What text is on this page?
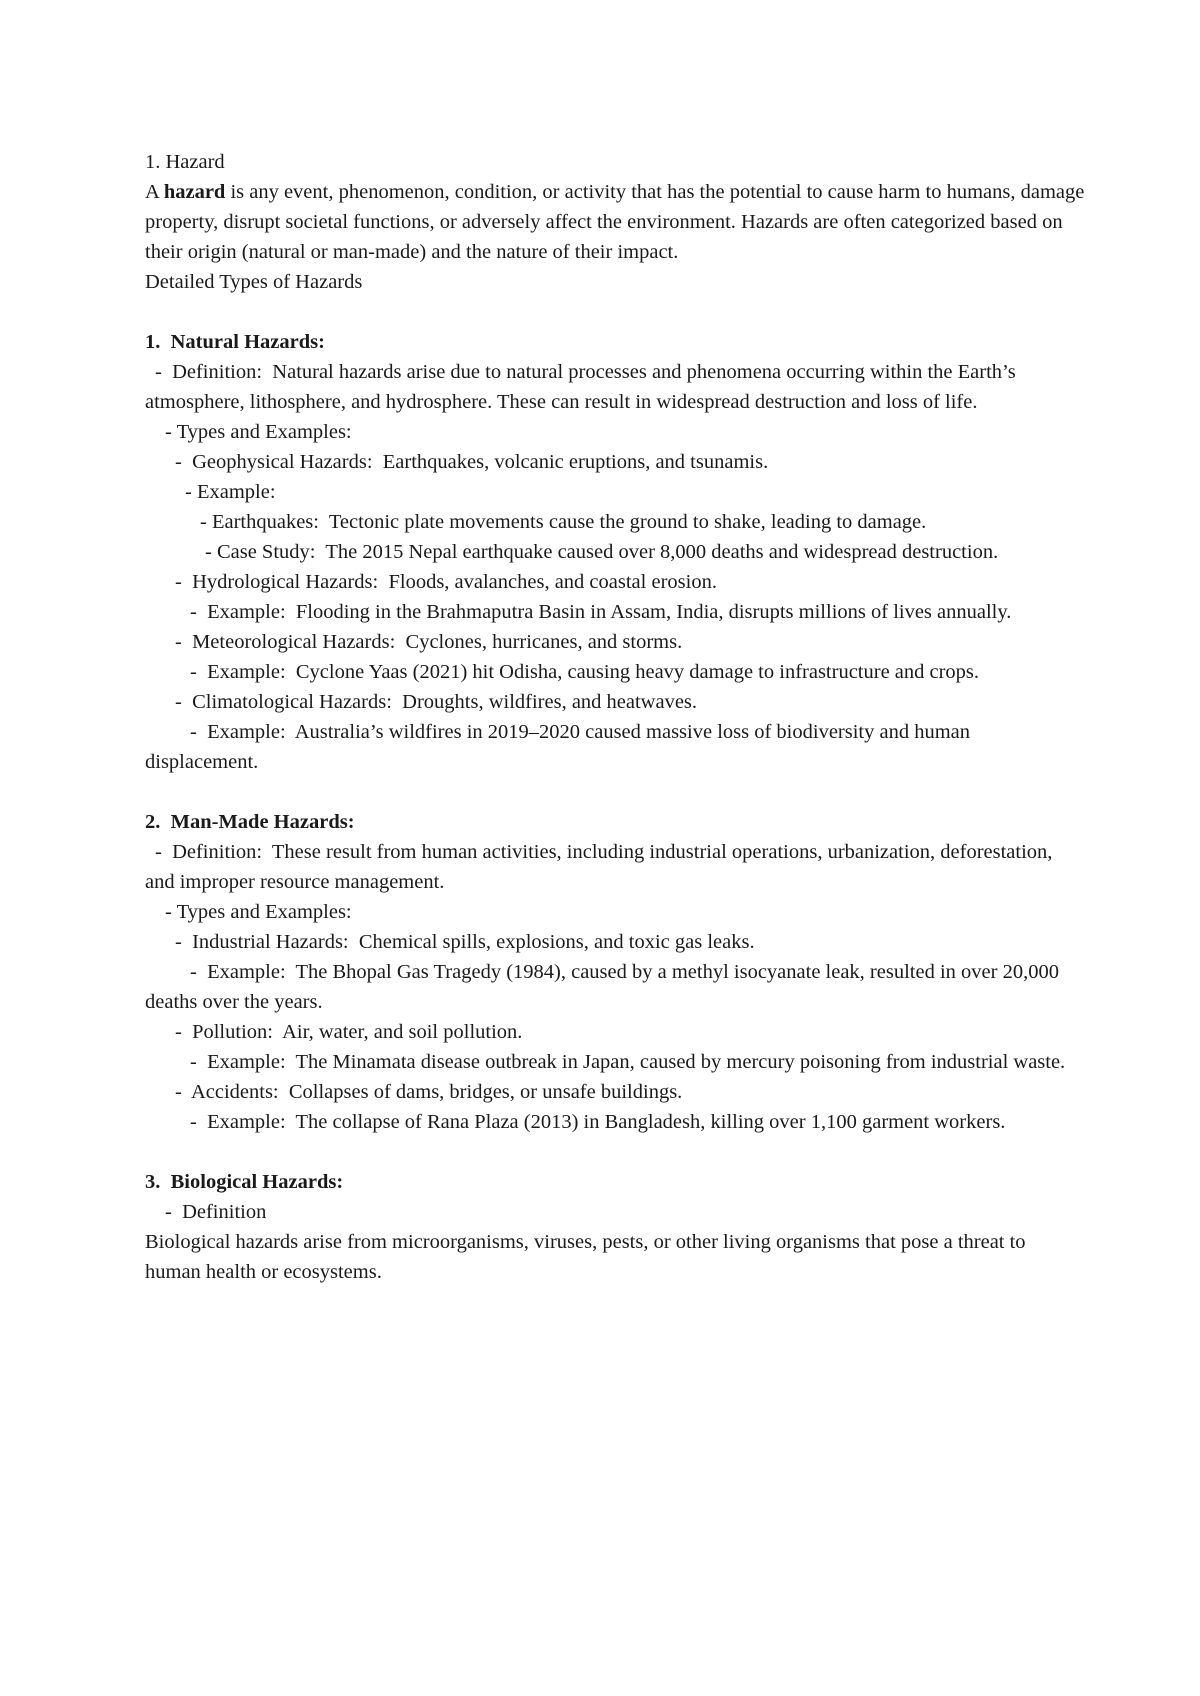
1. Hazard

A hazard is any event, phenomenon, condition, or activity that has the potential to cause harm to humans, damage property, disrupt societal functions, or adversely affect the environment. Hazards are often categorized based on their origin (natural or man-made) and the nature of their impact.

Detailed Types of Hazards

1.  Natural Hazards:

-  Definition:  Natural hazards arise due to natural processes and phenomena occurring within the Earth’s atmosphere, lithosphere, and hydrosphere. These can result in widespread destruction and loss of life.

- Types and Examples:

-  Geophysical Hazards:  Earthquakes, volcanic eruptions, and tsunamis.

- Example:

- Earthquakes:  Tectonic plate movements cause the ground to shake, leading to damage.

- Case Study:  The 2015 Nepal earthquake caused over 8,000 deaths and widespread destruction.

-  Hydrological Hazards:  Floods, avalanches, and coastal erosion.

-  Example:  Flooding in the Brahmaputra Basin in Assam, India, disrupts millions of lives annually.

-  Meteorological Hazards:  Cyclones, hurricanes, and storms.

-  Example:  Cyclone Yaas (2021) hit Odisha, causing heavy damage to infrastructure and crops.

-  Climatological Hazards:  Droughts, wildfires, and heatwaves.

-  Example:  Australia’s wildfires in 2019–2020 caused massive loss of biodiversity and human displacement.

2.  Man-Made Hazards:

-  Definition:  These result from human activities, including industrial operations, urbanization, deforestation, and improper resource management.

- Types and Examples:

-  Industrial Hazards:  Chemical spills, explosions, and toxic gas leaks.

-  Example:  The Bhopal Gas Tragedy (1984), caused by a methyl isocyanate leak, resulted in over 20,000 deaths over the years.

-  Pollution:  Air, water, and soil pollution.

-  Example:  The Minamata disease outbreak in Japan, caused by mercury poisoning from industrial waste.

-  Accidents:  Collapses of dams, bridges, or unsafe buildings.

-  Example:  The collapse of Rana Plaza (2013) in Bangladesh, killing over 1,100 garment workers.

3.  Biological Hazards:

-  Definition

Biological hazards arise from microorganisms, viruses, pests, or other living organisms that pose a threat to human health or ecosystems.
